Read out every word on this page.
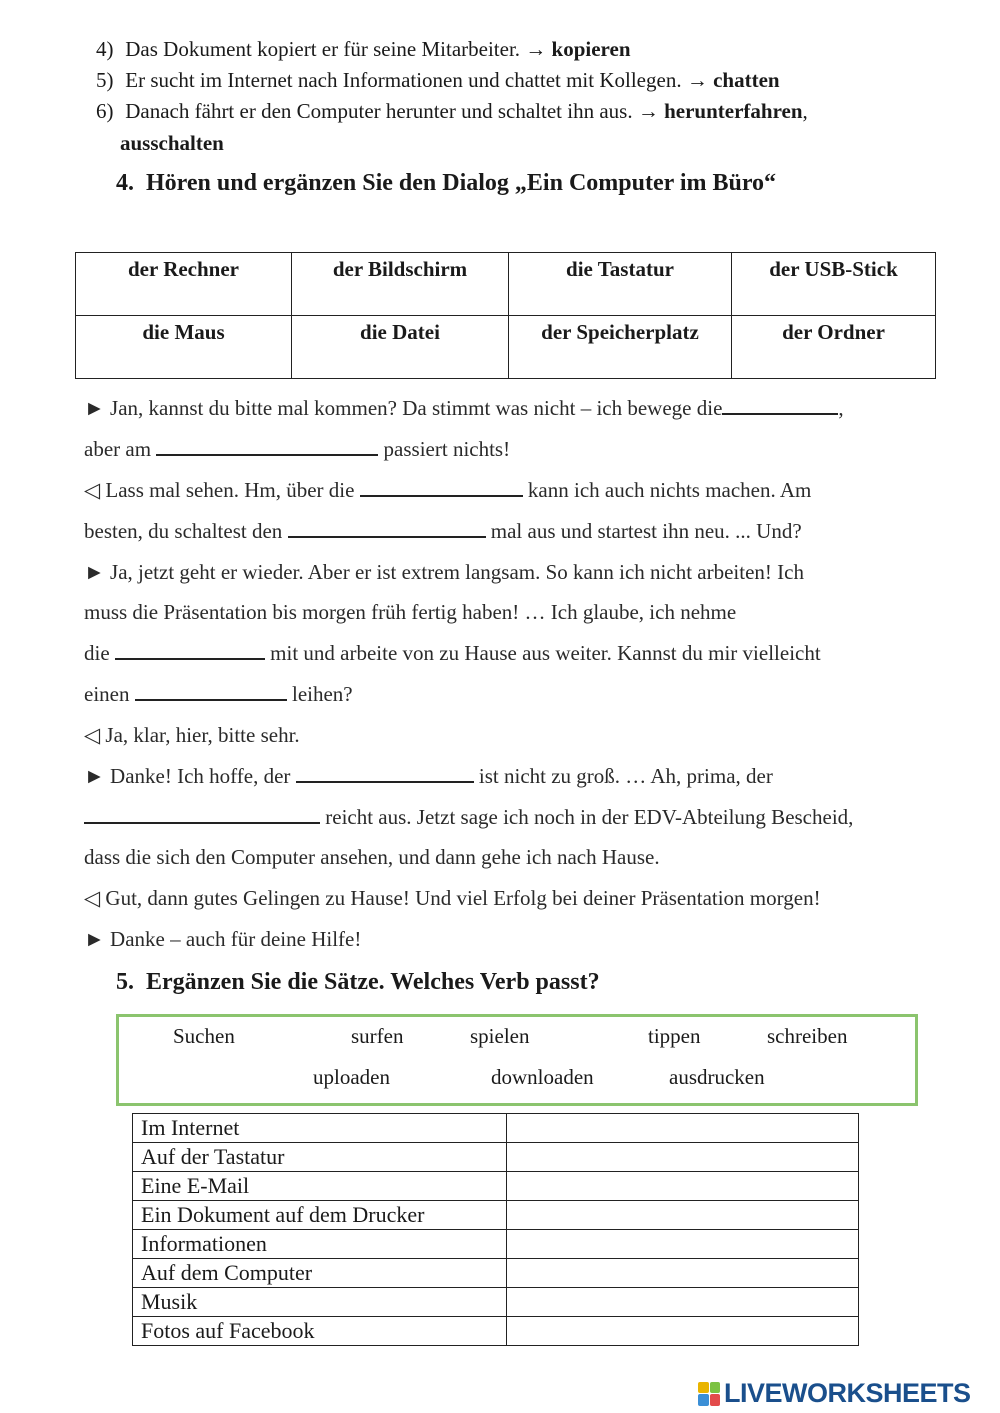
4) Das Dokument kopiert er für seine Mitarbeiter. → kopieren
5) Er sucht im Internet nach Informationen und chattet mit Kollegen. → chatten
6) Danach fährt er den Computer herunter und schaltet ihn aus. → herunterfahren,
ausschalten
4. Hören und ergänzen Sie den Dialog „Ein Computer im Büro“
der Rechner	der Bildschirm	die Tastatur	der USB-Stick
die Maus	die Datei	der Speicherplatz	der Ordner
► Jan, kannst du bitte mal kommen? Da stimmt was nicht – ich bewege die	,
aber am	passiert nichts!
◁ Lass mal sehen. Hm, über die	kann ich auch nichts machen. Am
besten, du schaltest den	mal aus und startest ihn neu. ... Und?
► Ja, jetzt geht er wieder. Aber er ist extrem langsam. So kann ich nicht arbeiten! Ich
muss die Präsentation bis morgen früh fertig haben! … Ich glaube, ich nehme
die	mit und arbeite von zu Hause aus weiter. Kannst du mir vielleicht
einen	leihen?
◁ Ja, klar, hier, bitte sehr.
► Danke! Ich hoffe, der	ist nicht zu groß. … Ah, prima, der
reicht aus. Jetzt sage ich noch in der EDV-Abteilung Bescheid,
dass die sich den Computer ansehen, und dann gehe ich nach Hause.
◁ Gut, dann gutes Gelingen zu Hause! Und viel Erfolg bei deiner Präsentation morgen!
► Danke – auch für deine Hilfe!
5. Ergänzen Sie die Sätze. Welches Verb passt?
Suchen	surfen	spielen	tippen	schreiben
uploaden	downloaden	ausdrucken
Im Internet	
Auf der Tastatur	
Eine E-Mail	
Ein Dokument auf dem Drucker	
Informationen	
Auf dem Computer	
Musik	
Fotos auf Facebook	
LIVEWORKSHEETS
